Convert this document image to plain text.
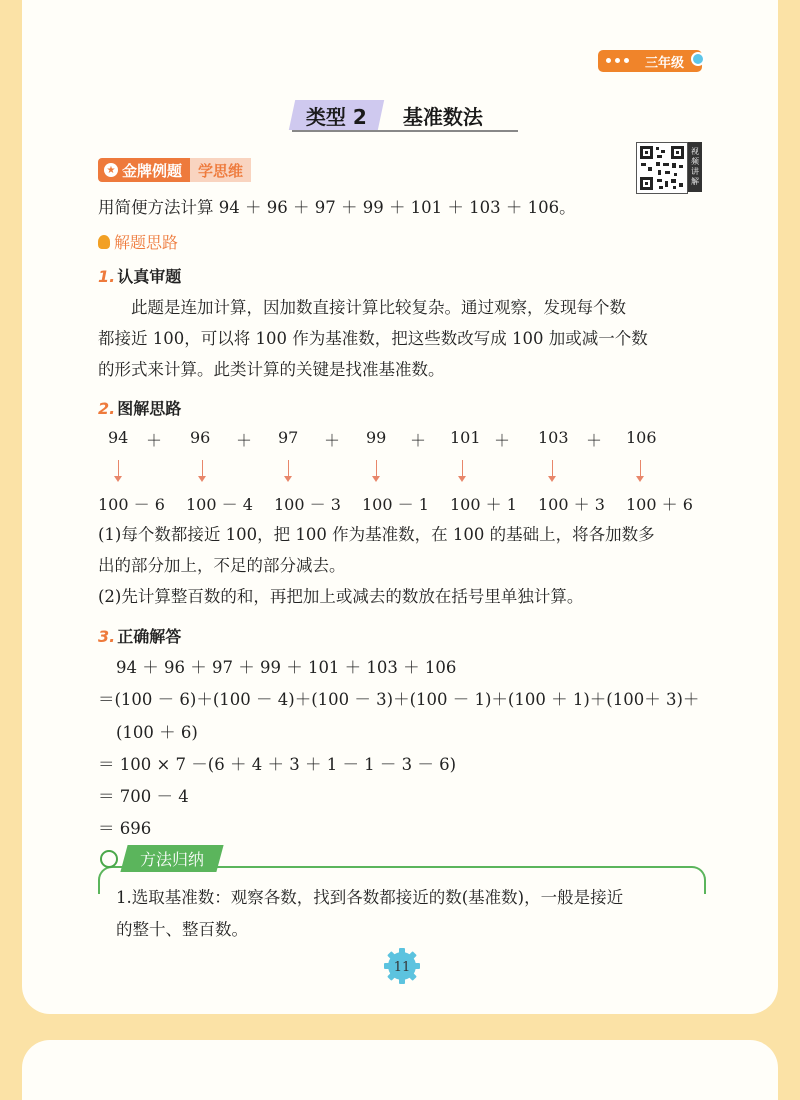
三年级
类型 2 基准数法
★ 金牌例题	学思维
视
频
讲
解
用简便方法计算 94 ＋ 96 ＋ 97 ＋ 99 ＋ 101 ＋ 103 ＋ 106。
解题思路
1. 认真审题
此题是连加计算，因加数直接计算比较复杂。通过观察，发现每个数
都接近 100，可以将 100 作为基准数，把这些数改写成 100 加或减一个数
的形式来计算。此类计算的关键是找准基准数。
2. 图解思路
94 ＋ 96 ＋ 97 ＋ 99 ＋ 101 ＋ 103 ＋ 106
100 － 6 100 － 4 100 － 3 100 － 1 100 ＋ 1 100 ＋ 3 100 ＋ 6
(1)每个数都接近 100，把 100 作为基准数，在 100 的基础上，将各加数多
出的部分加上，不足的部分减去。
(2)先计算整百数的和，再把加上或减去的数放在括号里单独计算。
3. 正确解答
94 ＋ 96 ＋ 97 ＋ 99 ＋ 101 ＋ 103 ＋ 106
＝(100 － 6)＋(100 － 4)＋(100 － 3)＋(100 － 1)＋(100 ＋ 1)＋(100＋ 3)＋
(100 ＋ 6)
＝ 100 × 7 －(6 ＋ 4 ＋ 3 ＋ 1 － 1 － 3 － 6)
＝ 700 － 4
＝ 696
方法归纳
1.选取基准数：观察各数，找到各数都接近的数(基准数)，一般是接近
的整十、整百数。
11
